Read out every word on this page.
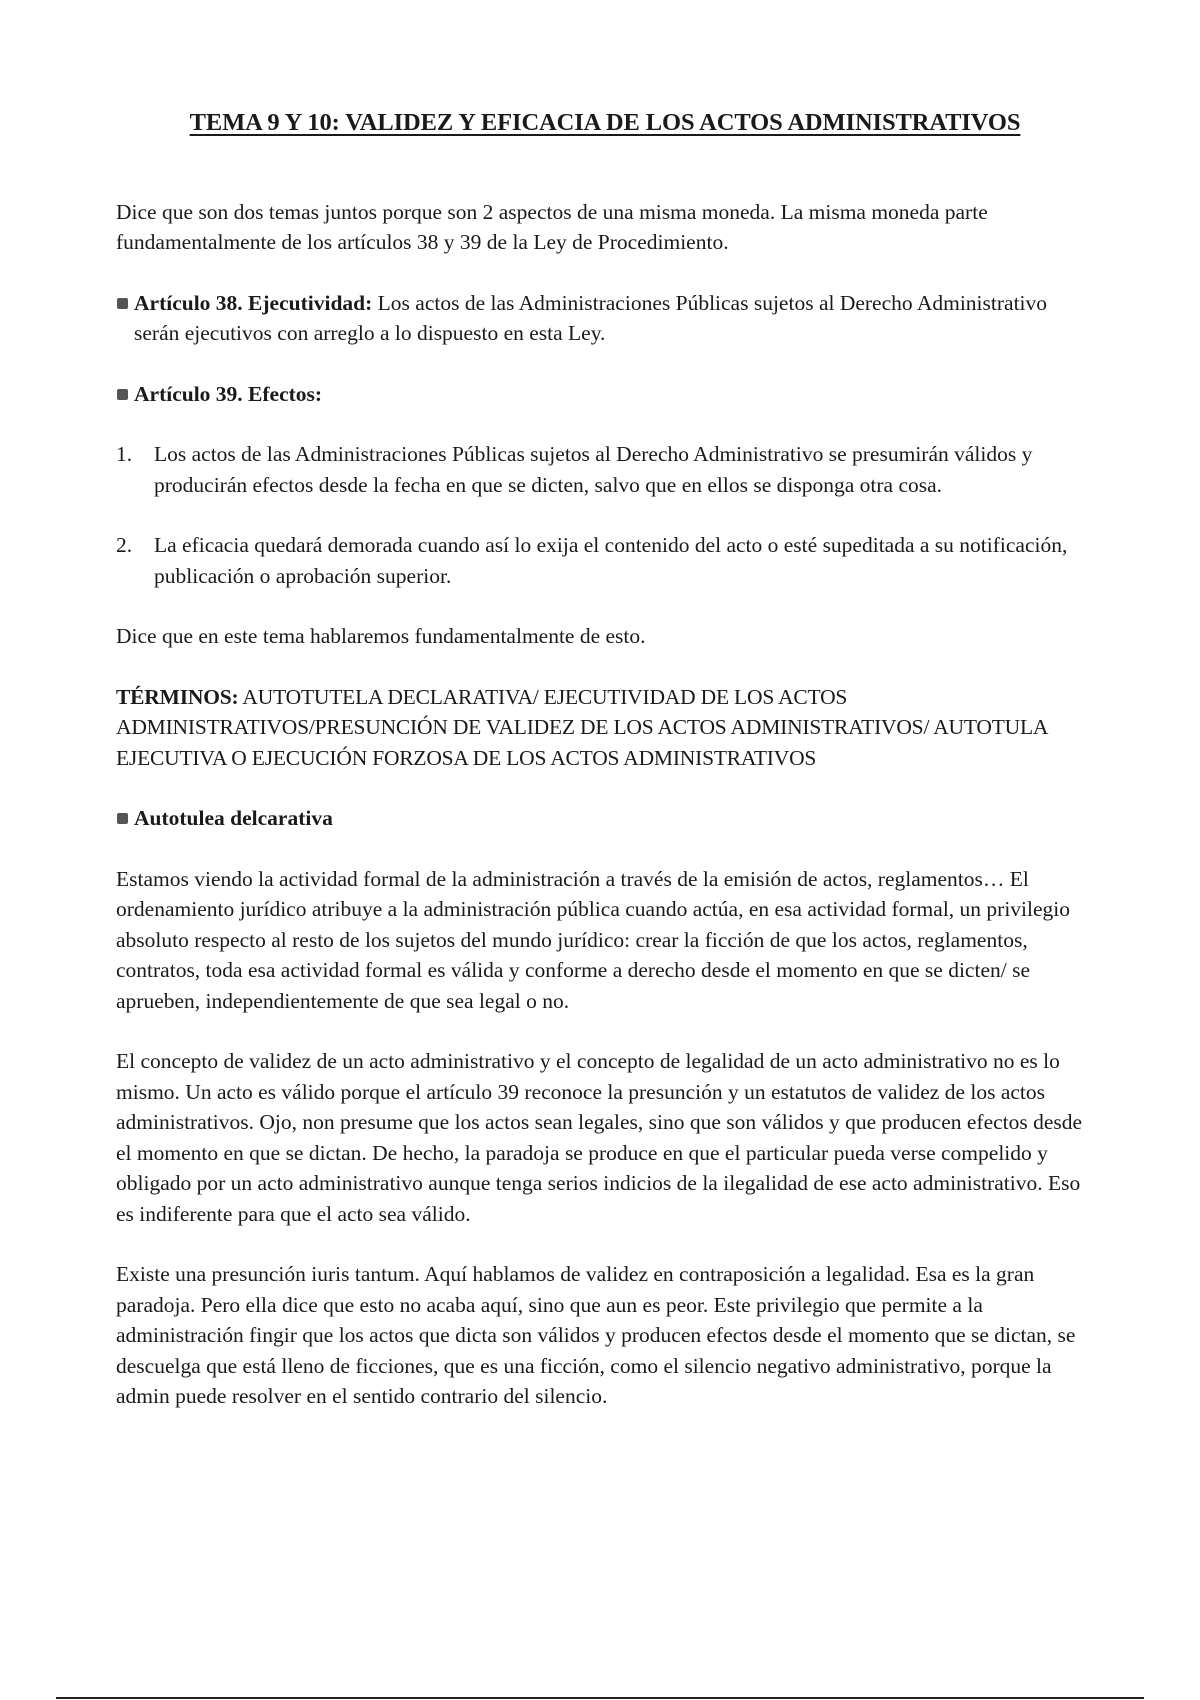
TEMA 9 Y 10: VALIDEZ Y EFICACIA DE LOS ACTOS ADMINISTRATIVOS

Dice que son dos temas juntos porque son 2 aspectos de una misma moneda. La misma moneda parte fundamentalmente de los artículos 38 y 39 de la Ley de Procedimiento.

Artículo 38. Ejecutividad: Los actos de las Administraciones Públicas sujetos al Derecho Administrativo serán ejecutivos con arreglo a lo dispuesto en esta Ley.
Artículo 39. Efectos:
1. Los actos de las Administraciones Públicas sujetos al Derecho Administrativo se presumirán válidos y producirán efectos desde la fecha en que se dicten, salvo que en ellos se disponga otra cosa.
2. La eficacia quedará demorada cuando así lo exija el contenido del acto o esté supeditada a su notificación, publicación o aprobación superior.

Dice que en este tema hablaremos fundamentalmente de esto.

TÉRMINOS: AUTOTUTELA DECLARATIVA/ EJECUTIVIDAD DE LOS ACTOS ADMINISTRATIVOS/PRESUNCIÓN DE VALIDEZ DE LOS ACTOS ADMINISTRATIVOS/ AUTOTULA EJECUTIVA O EJECUCIÓN FORZOSA DE LOS ACTOS ADMINISTRATIVOS

Autotulea delcarativa

Estamos viendo la actividad formal de la administración a través de la emisión de actos, reglamentos… El ordenamiento jurídico atribuye a la administración pública cuando actúa, en esa actividad formal, un privilegio absoluto respecto al resto de los sujetos del mundo jurídico: crear la ficción de que los actos, reglamentos, contratos, toda esa actividad formal es válida y conforme a derecho desde el momento en que se dicten/ se aprueben, independientemente de que sea legal o no.

El concepto de validez de un acto administrativo y el concepto de legalidad de un acto administrativo no es lo mismo. Un acto es válido porque el artículo 39 reconoce la presunción y un estatutos de validez de los actos administrativos. Ojo, non presume que los actos sean legales, sino que son válidos y que producen efectos desde el momento en que se dictan. De hecho, la paradoja se produce en que el particular pueda verse compelido y obligado por un acto administrativo aunque tenga serios indicios de la ilegalidad de ese acto administrativo. Eso es indiferente para que el acto sea válido.

Existe una presunción iuris tantum. Aquí hablamos de validez en contraposición a legalidad. Esa es la gran paradoja. Pero ella dice que esto no acaba aquí, sino que aun es peor. Este privilegio que permite a la administración fingir que los actos que dicta son válidos y producen efectos desde el momento que se dictan, se descuelga que está lleno de ficciones, que es una ficción, como el silencio negativo administrativo, porque la admin puede resolver en el sentido contrario del silencio.
